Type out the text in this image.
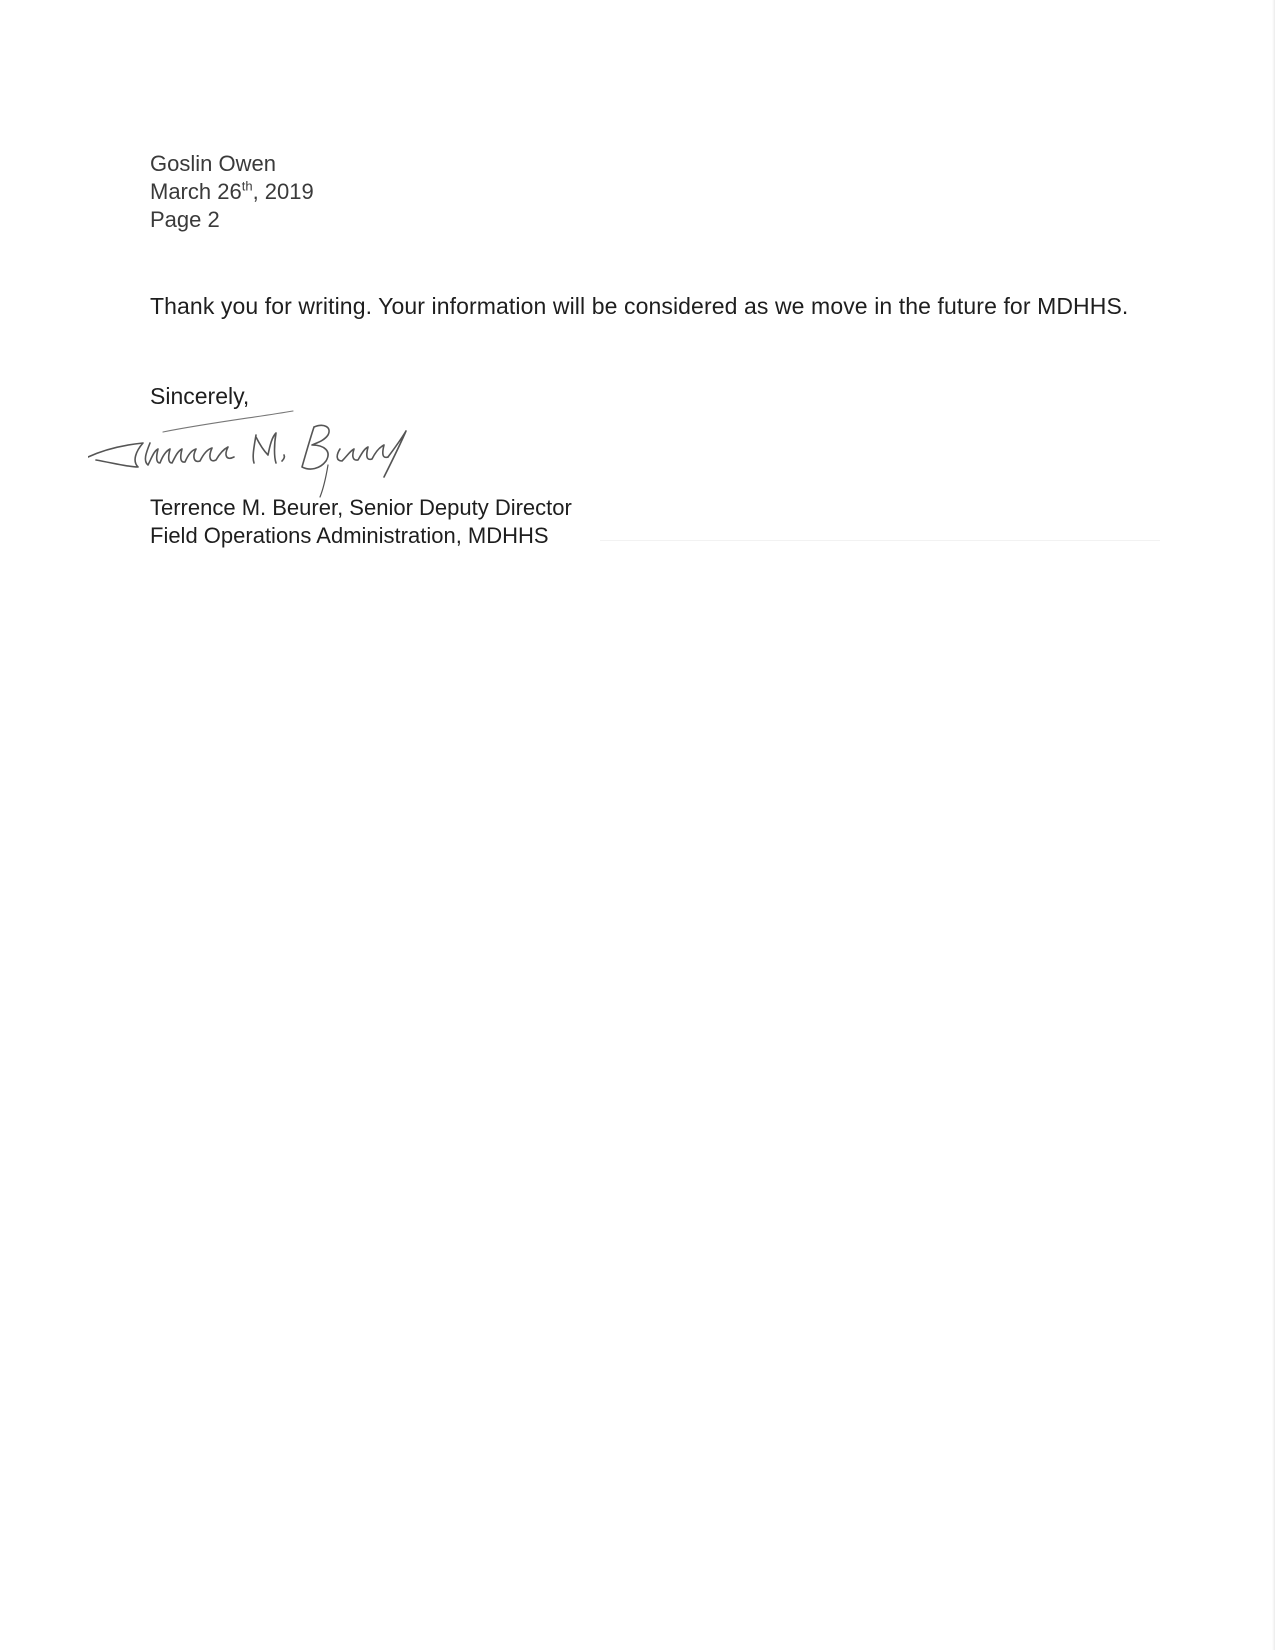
Goslin Owen
March 26th, 2019
Page 2
Thank you for writing. Your information will be considered as we move in the future for MDHHS.
Sincerely,
Terrence M. Beurer, Senior Deputy Director
Field Operations Administration, MDHHS
